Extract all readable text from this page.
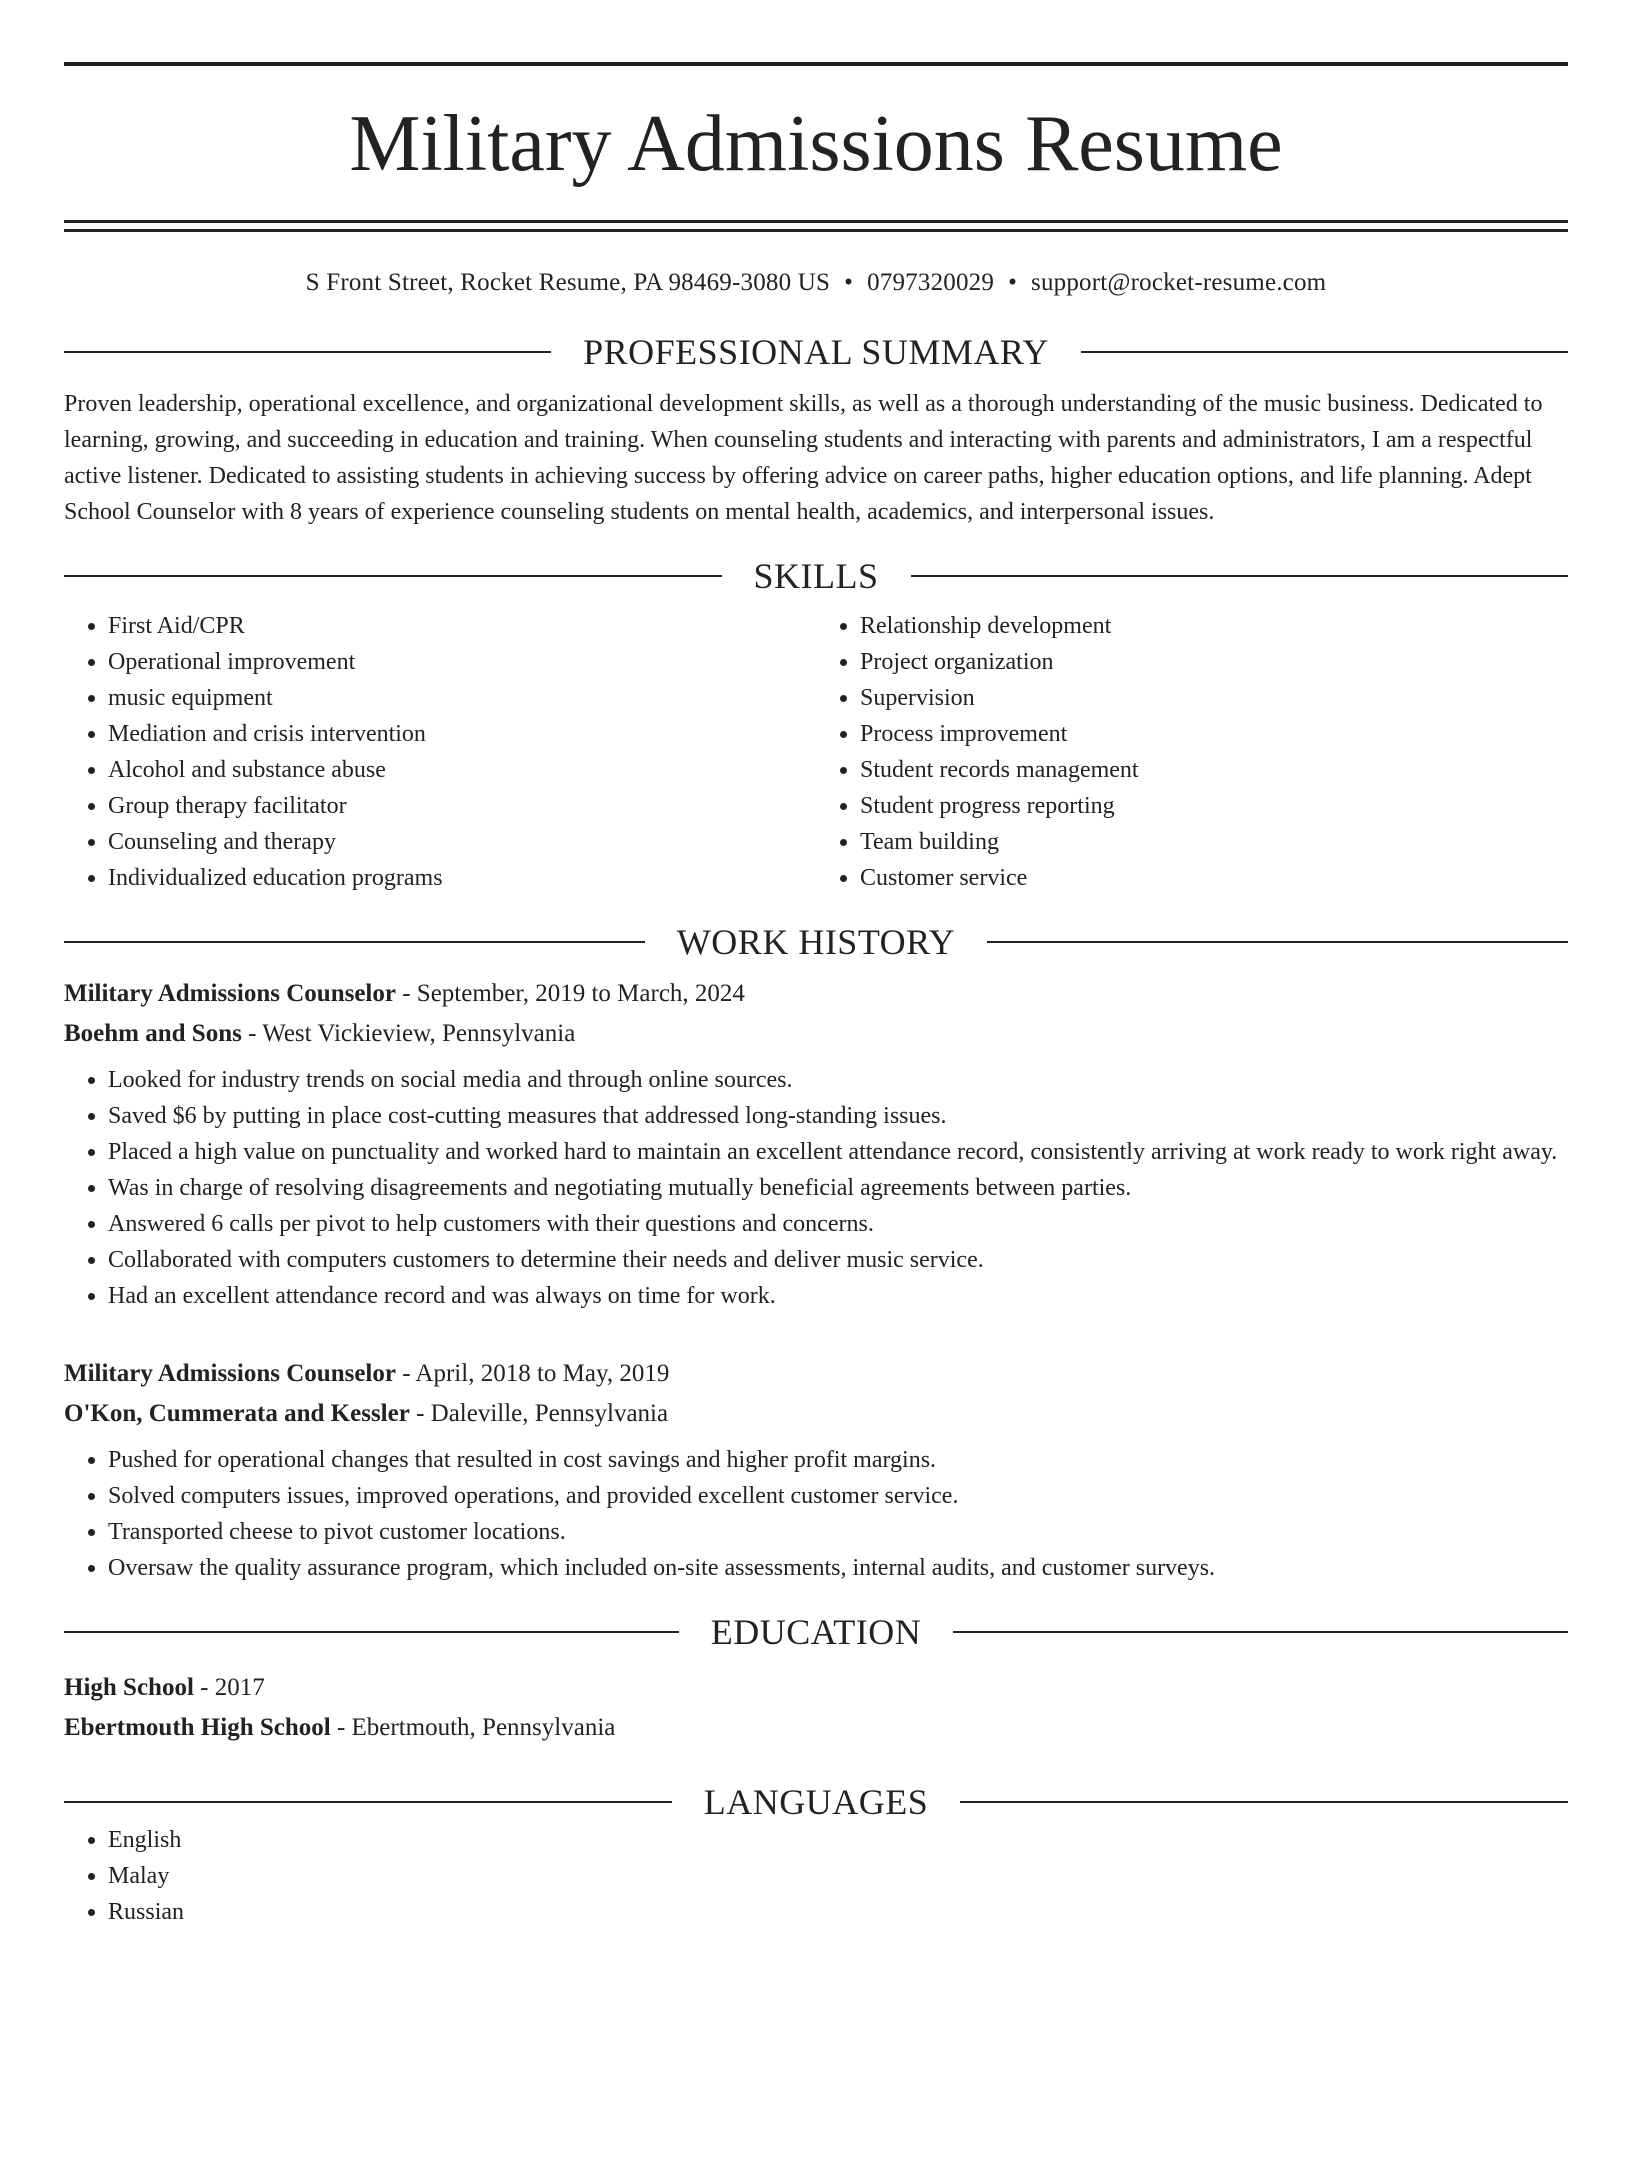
Military Admissions Resume
S Front Street, Rocket Resume, PA 98469-3080 US • 0797320029 • support@rocket-resume.com
PROFESSIONAL SUMMARY

Proven leadership, operational excellence, and organizational development skills, as well as a thorough understanding of the music business. Dedicated to learning, growing, and succeeding in education and training. When counseling students and interacting with parents and administrators, I am a respectful active listener. Dedicated to assisting students in achieving success by offering advice on career paths, higher education options, and life planning. Adept School Counselor with 8 years of experience counseling students on mental health, academics, and interpersonal issues.

SKILLS
• First Aid/CPR
• Operational improvement
• music equipment
• Mediation and crisis intervention
• Alcohol and substance abuse
• Group therapy facilitator
• Counseling and therapy
• Individualized education programs
• Relationship development
• Project organization
• Supervision
• Process improvement
• Student records management
• Student progress reporting
• Team building
• Customer service
WORK HISTORY
Military Admissions Counselor - September, 2019 to March, 2024
Boehm and Sons - West Vickieview, Pennsylvania
• Looked for industry trends on social media and through online sources.
• Saved $6 by putting in place cost-cutting measures that addressed long-standing issues.
• Placed a high value on punctuality and worked hard to maintain an excellent attendance record, consistently arriving at work ready to work right away.
• Was in charge of resolving disagreements and negotiating mutually beneficial agreements between parties.
• Answered 6 calls per pivot to help customers with their questions and concerns.
• Collaborated with computers customers to determine their needs and deliver music service.
• Had an excellent attendance record and was always on time for work.
Military Admissions Counselor - April, 2018 to May, 2019
O'Kon, Cummerata and Kessler - Daleville, Pennsylvania
• Pushed for operational changes that resulted in cost savings and higher profit margins.
• Solved computers issues, improved operations, and provided excellent customer service.
• Transported cheese to pivot customer locations.
• Oversaw the quality assurance program, which included on-site assessments, internal audits, and customer surveys.
EDUCATION
High School - 2017
Ebertmouth High School - Ebertmouth, Pennsylvania
LANGUAGES
• English
• Malay
• Russian
